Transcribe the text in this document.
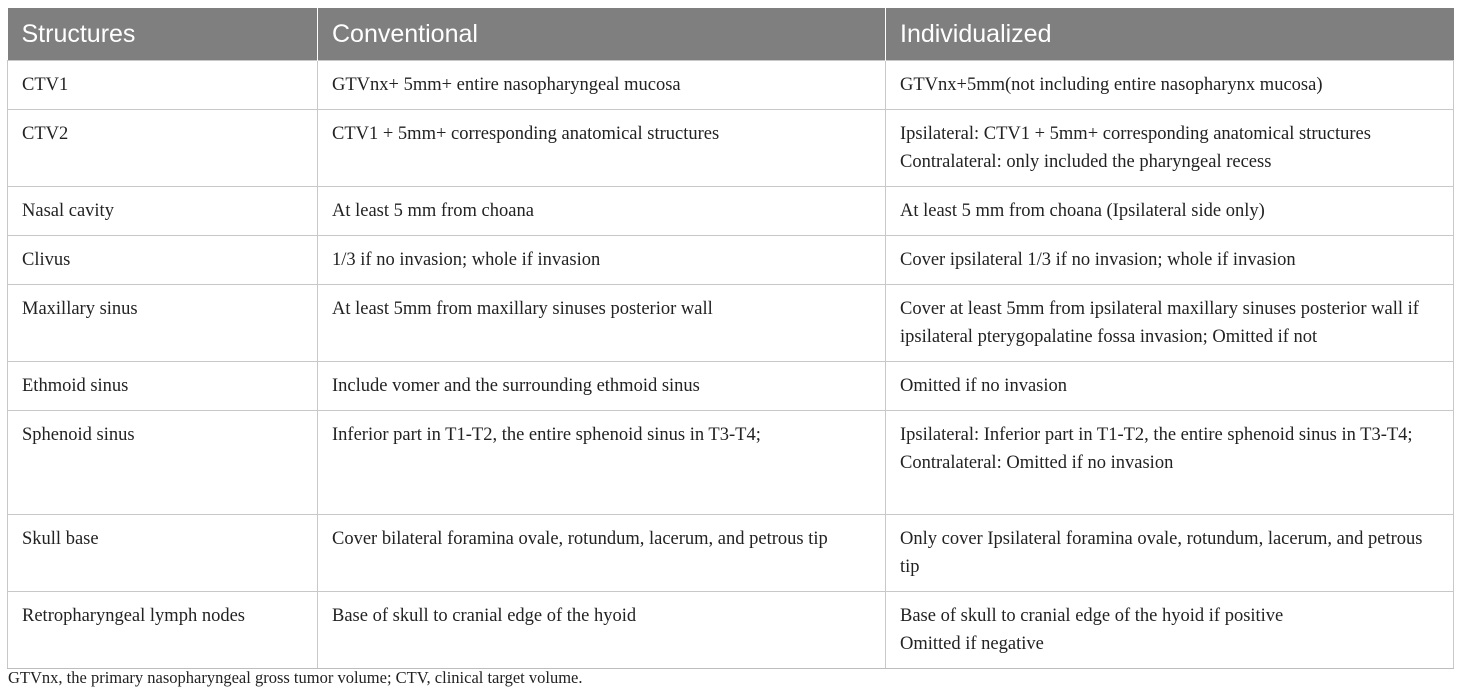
Structures	Conventional	Individualized
CTV1	GTVnx+ 5mm+ entire nasopharyngeal mucosa	GTVnx+5mm(not including entire nasopharynx mucosa)
CTV2	CTV1 + 5mm+ corresponding anatomical structures	Ipsilateral: CTV1 + 5mm+ corresponding anatomical structures
Contralateral: only included the pharyngeal recess
Nasal cavity	At least 5 mm from choana	At least 5 mm from choana (Ipsilateral side only)
Clivus	1/3 if no invasion; whole if invasion	Cover ipsilateral 1/3 if no invasion; whole if invasion
Maxillary sinus	At least 5mm from maxillary sinuses posterior wall	Cover at least 5mm from ipsilateral maxillary sinuses posterior wall if ipsilateral pterygopalatine fossa invasion; Omitted if not
Ethmoid sinus	Include vomer and the surrounding ethmoid sinus	Omitted if no invasion
Sphenoid sinus	Inferior part in T1-T2, the entire sphenoid sinus in T3-T4;	Ipsilateral: Inferior part in T1-T2, the entire sphenoid sinus in T3-T4;
Contralateral: Omitted if no invasion
Skull base	Cover bilateral foramina ovale, rotundum, lacerum, and petrous tip	Only cover Ipsilateral foramina ovale, rotundum, lacerum, and petrous tip
Retropharyngeal lymph nodes	Base of skull to cranial edge of the hyoid	Base of skull to cranial edge of the hyoid if positive
Omitted if negative
GTVnx, the primary nasopharyngeal gross tumor volume; CTV, clinical target volume.
